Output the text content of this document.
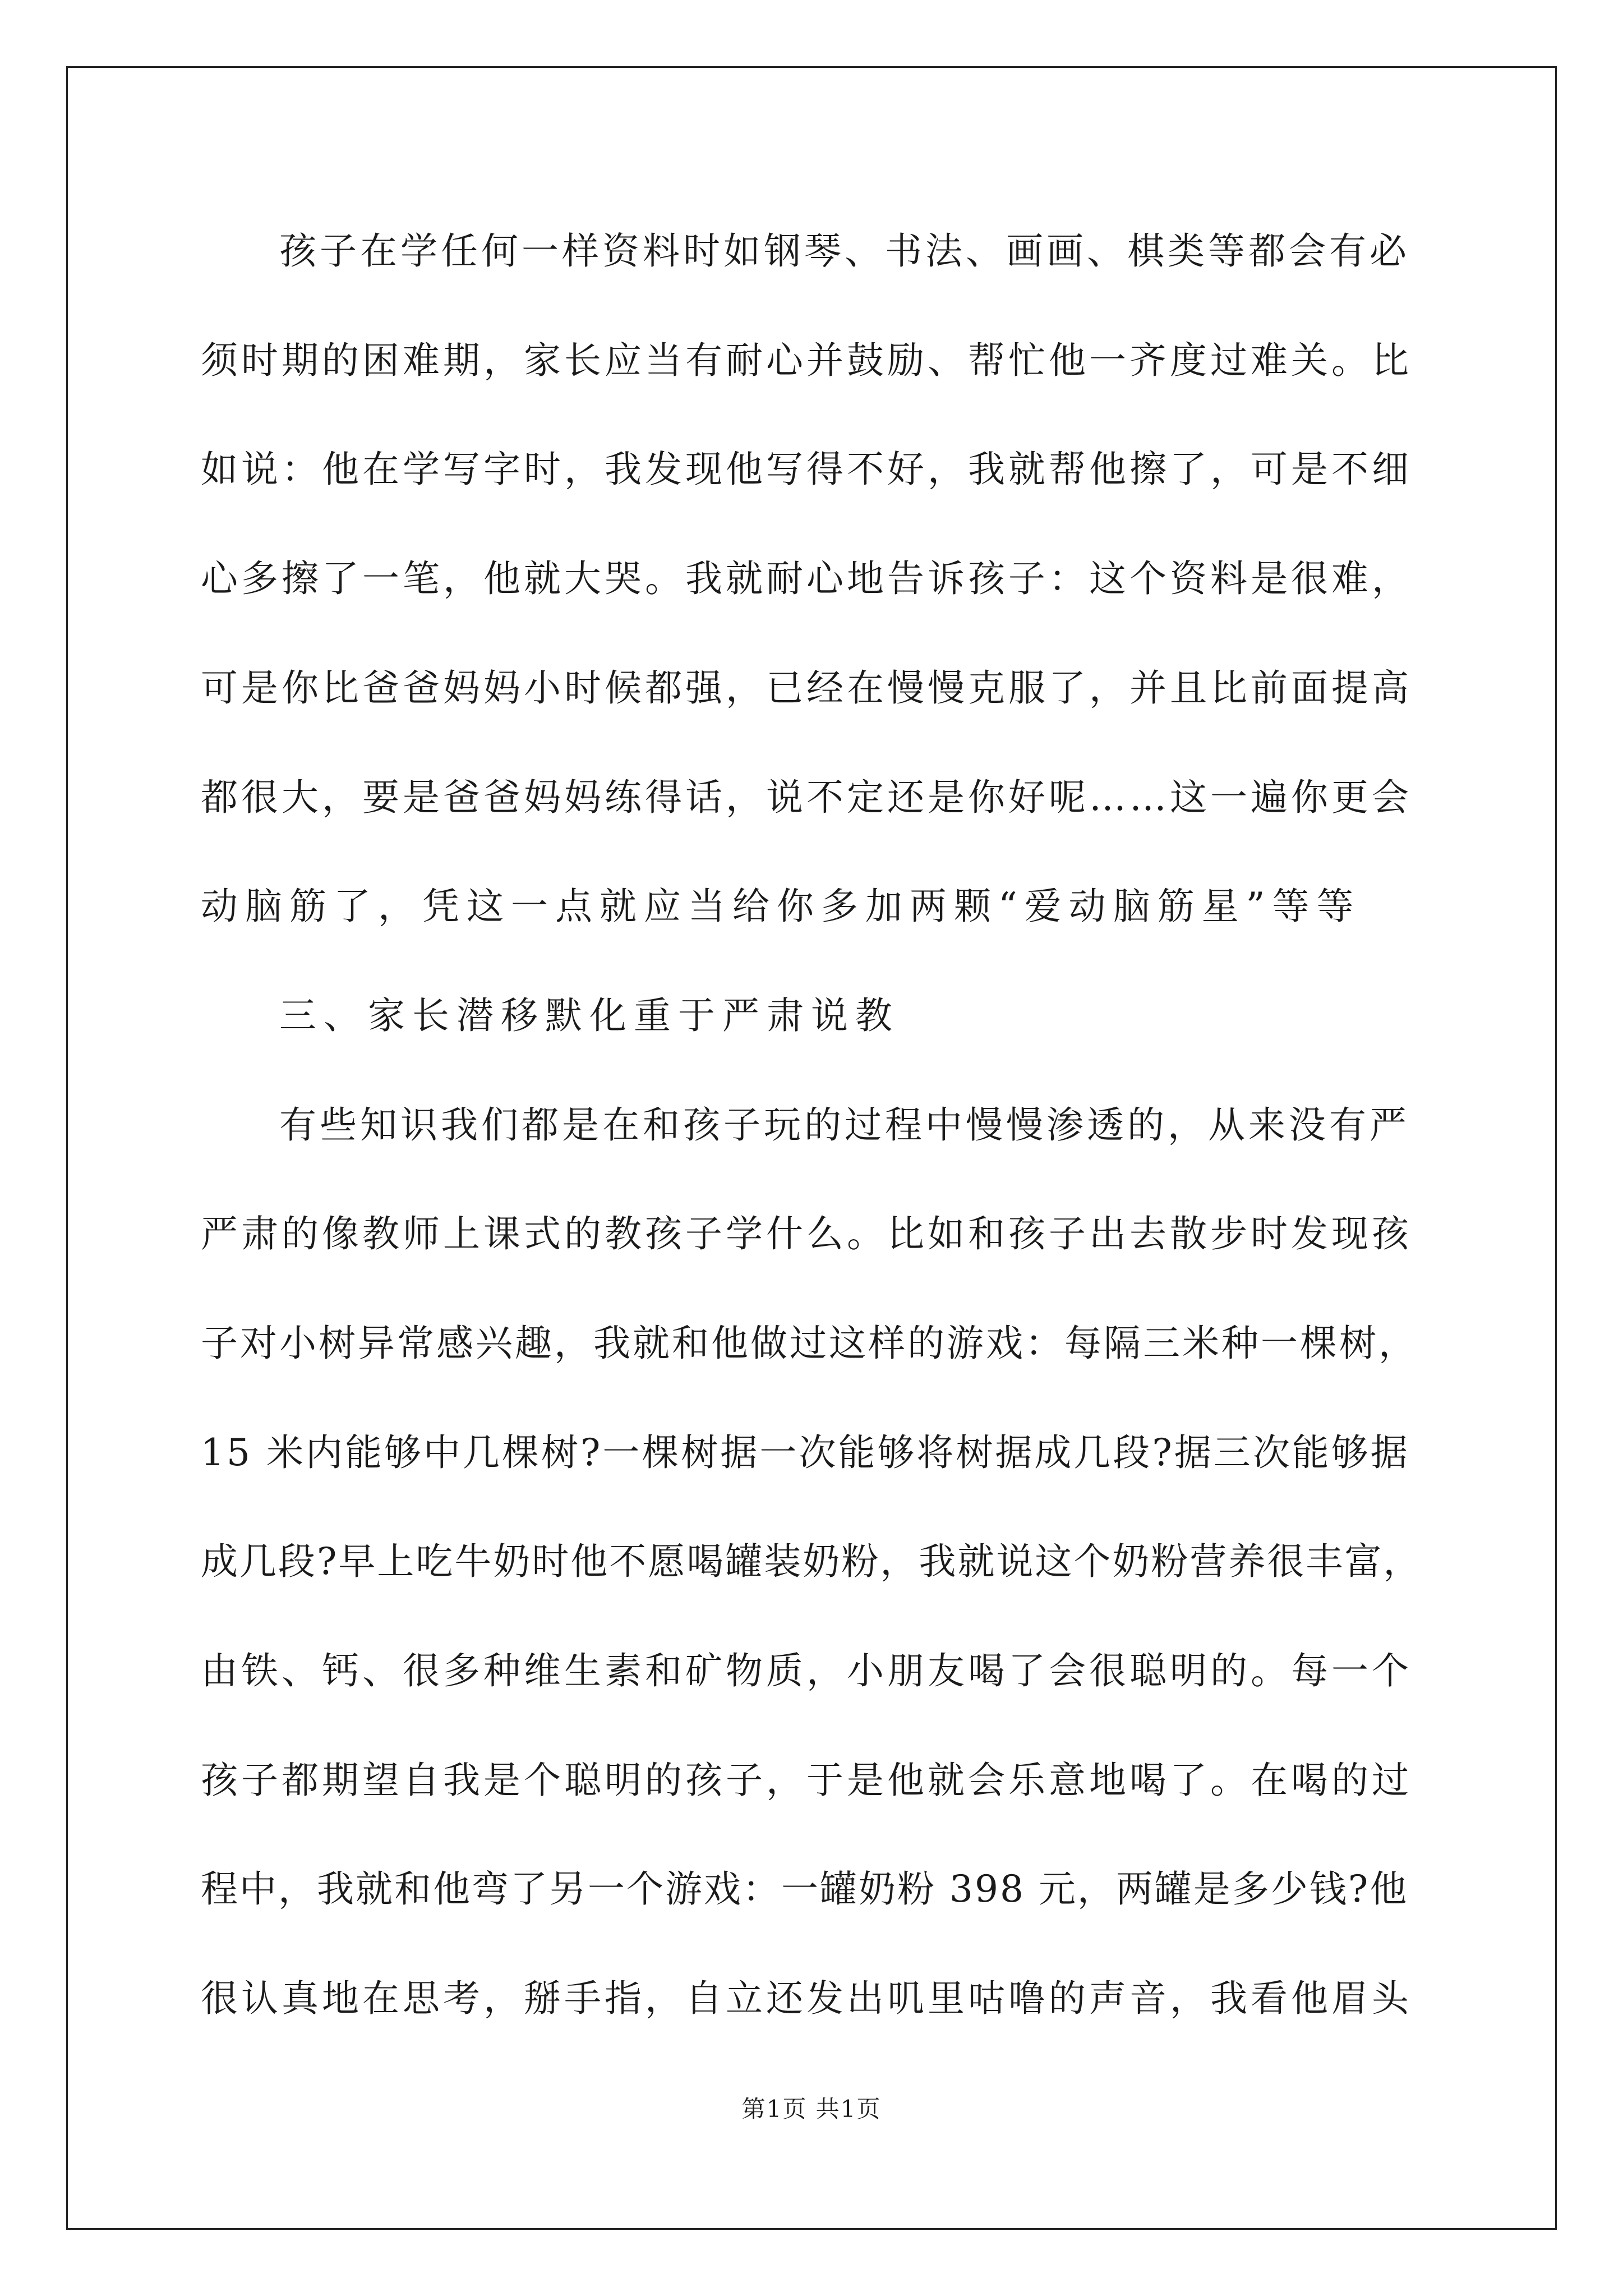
孩子在学任何一样资料时如钢琴、书法、画画、棋类等都会有必
须时期的困难期，家长应当有耐心并鼓励、帮忙他一齐度过难关。比
如说：他在学写字时，我发现他写得不好，我就帮他擦了，可是不细
心多擦了一笔，他就大哭。我就耐心地告诉孩子：这个资料是很难，
可是你比爸爸妈妈小时候都强，已经在慢慢克服了，并且比前面提高
都很大，要是爸爸妈妈练得话，说不定还是你好呢……这一遍你更会
动脑筋了，凭这一点就应当给你多加两颗“爱动脑筋星”等等
三、家长潜移默化重于严肃说教
有些知识我们都是在和孩子玩的过程中慢慢渗透的，从来没有严
严肃的像教师上课式的教孩子学什么。比如和孩子出去散步时发现孩
子对小树异常感兴趣，我就和他做过这样的游戏：每隔三米种一棵树，
15 米内能够中几棵树?一棵树据一次能够将树据成几段?据三次能够据
成几段?早上吃牛奶时他不愿喝罐装奶粉，我就说这个奶粉营养很丰富，
由铁、钙、很多种维生素和矿物质，小朋友喝了会很聪明的。每一个
孩子都期望自我是个聪明的孩子，于是他就会乐意地喝了。在喝的过
程中，我就和他弯了另一个游戏：一罐奶粉 398 元，两罐是多少钱?他
很认真地在思考，掰手指，自立还发出叽里咕噜的声音，我看他眉头
第1页 共1页
